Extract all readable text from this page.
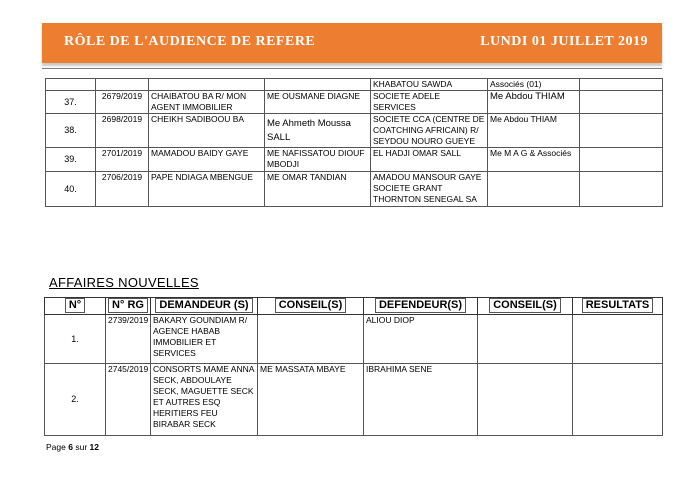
RÔLE DE L'AUDIENCE DE REFERE	LUNDI 01 JUILLET 2019
				KHABATOU SAWDA	Associés (01)	
37.	2679/2019	CHAIBATOU BA R/ MON AGENT IMMOBILIER	ME OUSMANE DIAGNE	SOCIETE ADELE SERVICES	Me Abdou THIAM	
38.	2698/2019	CHEIKH SADIBOOU BA	Me Ahmeth Moussa SALL	SOCIETE CCA (CENTRE DE COATCHING AFRICAIN) R/ SEYDOU NOURO GUEYE	Me Abdou THIAM	
39.	2701/2019	MAMADOU BAIDY GAYE	ME NAFISSATOU DIOUF MBODJI	EL HADJI OMAR SALL	Me M A G & Associés	
40.	2706/2019	PAPE NDIAGA MBENGUE	ME OMAR TANDIAN	AMADOU MANSOUR GAYE SOCIETE GRANT THORNTON SENEGAL SA		
AFFAIRES NOUVELLES
N°	N° RG	DEMANDEUR (S)	CONSEIL(S)	DEFENDEUR(S)	CONSEIL(S)	RESULTATS
1.	2739/2019	BAKARY GOUNDIAM R/ AGENCE HABAB IMMOBILIER ET SERVICES		ALIOU DIOP		
2.	2745/2019	CONSORTS MAME ANNA SECK, ABDOULAYE SECK, MAGUETTE SECK ET AUTRES ESQ HERITIERS FEU BIRABAR SECK	ME MASSATA MBAYE	IBRAHIMA SENE		
Page 6 sur 12
